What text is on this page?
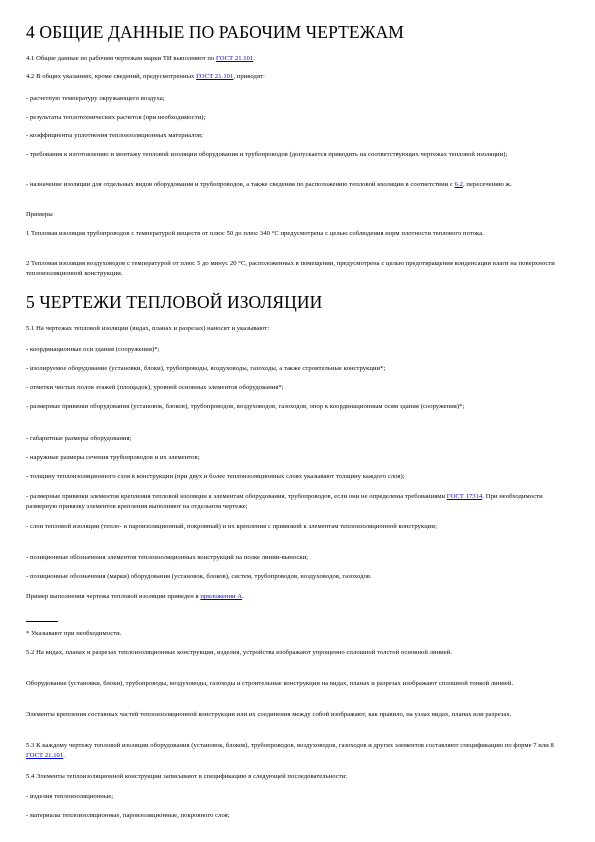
4 ОБЩИЕ ДАННЫЕ ПО РАБОЧИМ ЧЕРТЕЖАМ

4.1 Общие данные по рабочим чертежам марки ТИ выполняют по ГОСТ 21.101.

4.2 В общих указаниях, кроме сведений, предусмотренных ГОСТ 21.101, приводят:

- расчетную температуру окружающего воздуха;

- результаты теплотехнических расчетов (при необходимости);

- коэффициенты уплотнения теплоизоляционных материалов;

- требования к изготовлению и монтажу тепловой изоляции оборудования и трубопроводов (допускается приводить на соответствующих чертежах тепловой изоляции);

- назначение изоляции для отдельных видов оборудования и трубопроводов, а также сведения по расположению тепловой изоляции в соответствии с 6.2, пересечению ж.

Примеры

1 Тепловая изоляция трубопроводов с температурой веществ от плюс 50 до плюс 340 °С предусмотрена с целью соблюдения норм плотности теплового потока.

2 Тепловая изоляция воздуховодов с температурой от плюс 5 до минус 20 °С, расположенных в помещении, предусмотрена с целью предотвращения конденсации влаги на поверхности теплоизоляционной конструкции.

5 ЧЕРТЕЖИ ТЕПЛОВОЙ ИЗОЛЯЦИИ

5.1 На чертежах тепловой изоляции (видах, планах и разрезах) наносят и указывают:

- координационные оси здания (сооружения)*;

- изолируемое оборудование (установки, блоки), трубопроводы, воздуховоды, газоходы, а также строительные конструкции*;

- отметки чистых полов этажей (площадок), уровней основных элементов оборудования*;

- размерные привязки оборудования (установок, блоков), трубопроводов, воздуховодов, газоходов, опор к координационным осям здания (сооружения)*;

- габаритные размеры оборудования;

- наружные размеры сечения трубопроводов и их элементов;

- толщину теплоизоляционного слоя в конструкции (при двух и более теплоизоляционных слоях указывают толщину каждого слоя);

- размерные привязки элементов крепления тепловой изоляции к элементам оборудования, трубопроводов, если они не определены требованиями ГОСТ 17314. При необходимости размерную привязку элементов крепления выполняют на отдельном чертеже;

- слои тепловой изоляции (тепло- и пароизоляционный, покровный) и их крепления с привязкой к элементам теплоизоляционной конструкции;

- позиционные обозначения элементов теплоизоляционных конструкций на полке линии-выноски;

- позиционные обозначения (марки) оборудования (установок, блоков), систем, трубопроводов, воздуховодов, газоходов.

Пример выполнения чертежа тепловой изоляции приведен в приложении А.

* Указывают при необходимости.

5.2 На видах, планах и разрезах теплоизоляционные конструкции, изделия, устройства изображают упрощенно сплошной толстой основной линией.

Оборудование (установки, блоки), трубопроводы, воздуховоды, газоходы и строительные конструкции на видах, планах и разрезах изображают сплошной тонкой линией.

Элементы крепления составных частей теплоизоляционной конструкции или их соединения между собой изображают, как правило, на узлах видах, планах или разрезах.

5.3 К каждому чертежу тепловой изоляции оборудования (установок, блоков), трубопроводов, воздуховодов, газоходов и других элементов составляют спецификацию по форме 7 или 8 ГОСТ 21.101.

5.4 Элементы теплоизоляционной конструкции записывают в спецификацию в следующей последовательности:

- изделия теплоизоляционные;

- материалы теплоизоляционные, пароизоляционные, покровного слоя;
